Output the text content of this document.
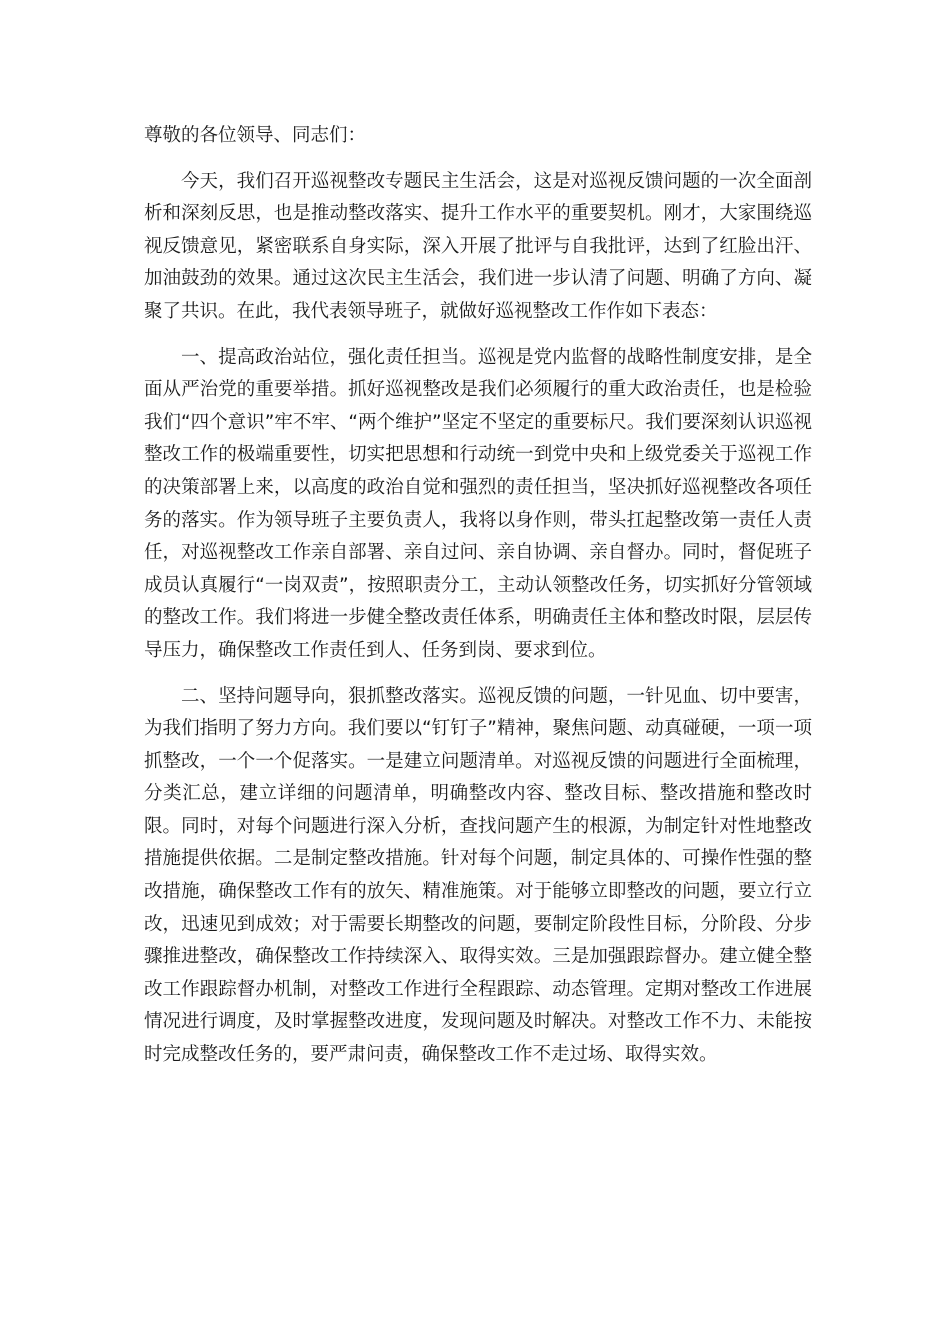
尊敬的各位领导、同志们：

今天，我们召开巡视整改专题民主生活会，这是对巡视反馈问题的一次全面剖析和深刻反思，也是推动整改落实、提升工作水平的重要契机。刚才，大家围绕巡视反馈意见，紧密联系自身实际，深入开展了批评与自我批评，达到了红脸出汗、加油鼓劲的效果。通过这次民主生活会，我们进一步认清了问题、明确了方向、凝聚了共识。在此，我代表领导班子，就做好巡视整改工作作如下表态：

一、提高政治站位，强化责任担当。巡视是党内监督的战略性制度安排，是全面从严治党的重要举措。抓好巡视整改是我们必须履行的重大政治责任，也是检验我们“四个意识”牢不牢、“两个维护”坚定不坚定的重要标尺。我们要深刻认识巡视整改工作的极端重要性，切实把思想和行动统一到党中央和上级党委关于巡视工作的决策部署上来，以高度的政治自觉和强烈的责任担当，坚决抓好巡视整改各项任务的落实。作为领导班子主要负责人，我将以身作则，带头扛起整改第一责任人责任，对巡视整改工作亲自部署、亲自过问、亲自协调、亲自督办。同时，督促班子成员认真履行“一岗双责”，按照职责分工，主动认领整改任务，切实抓好分管领域的整改工作。我们将进一步健全整改责任体系，明确责任主体和整改时限，层层传导压力，确保整改工作责任到人、任务到岗、要求到位。

二、坚持问题导向，狠抓整改落实。巡视反馈的问题，一针见血、切中要害，为我们指明了努力方向。我们要以“钉钉子”精神，聚焦问题、动真碰硬，一项一项抓整改，一个一个促落实。一是建立问题清单。对巡视反馈的问题进行全面梳理，分类汇总，建立详细的问题清单，明确整改内容、整改目标、整改措施和整改时限。同时，对每个问题进行深入分析，查找问题产生的根源，为制定针对性地整改措施提供依据。二是制定整改措施。针对每个问题，制定具体的、可操作性强的整改措施，确保整改工作有的放矢、精准施策。对于能够立即整改的问题，要立行立改，迅速见到成效；对于需要长期整改的问题，要制定阶段性目标，分阶段、分步骤推进整改，确保整改工作持续深入、取得实效。三是加强跟踪督办。建立健全整改工作跟踪督办机制，对整改工作进行全程跟踪、动态管理。定期对整改工作进展情况进行调度，及时掌握整改进度，发现问题及时解决。对整改工作不力、未能按时完成整改任务的，要严肃问责，确保整改工作不走过场、取得实效。
